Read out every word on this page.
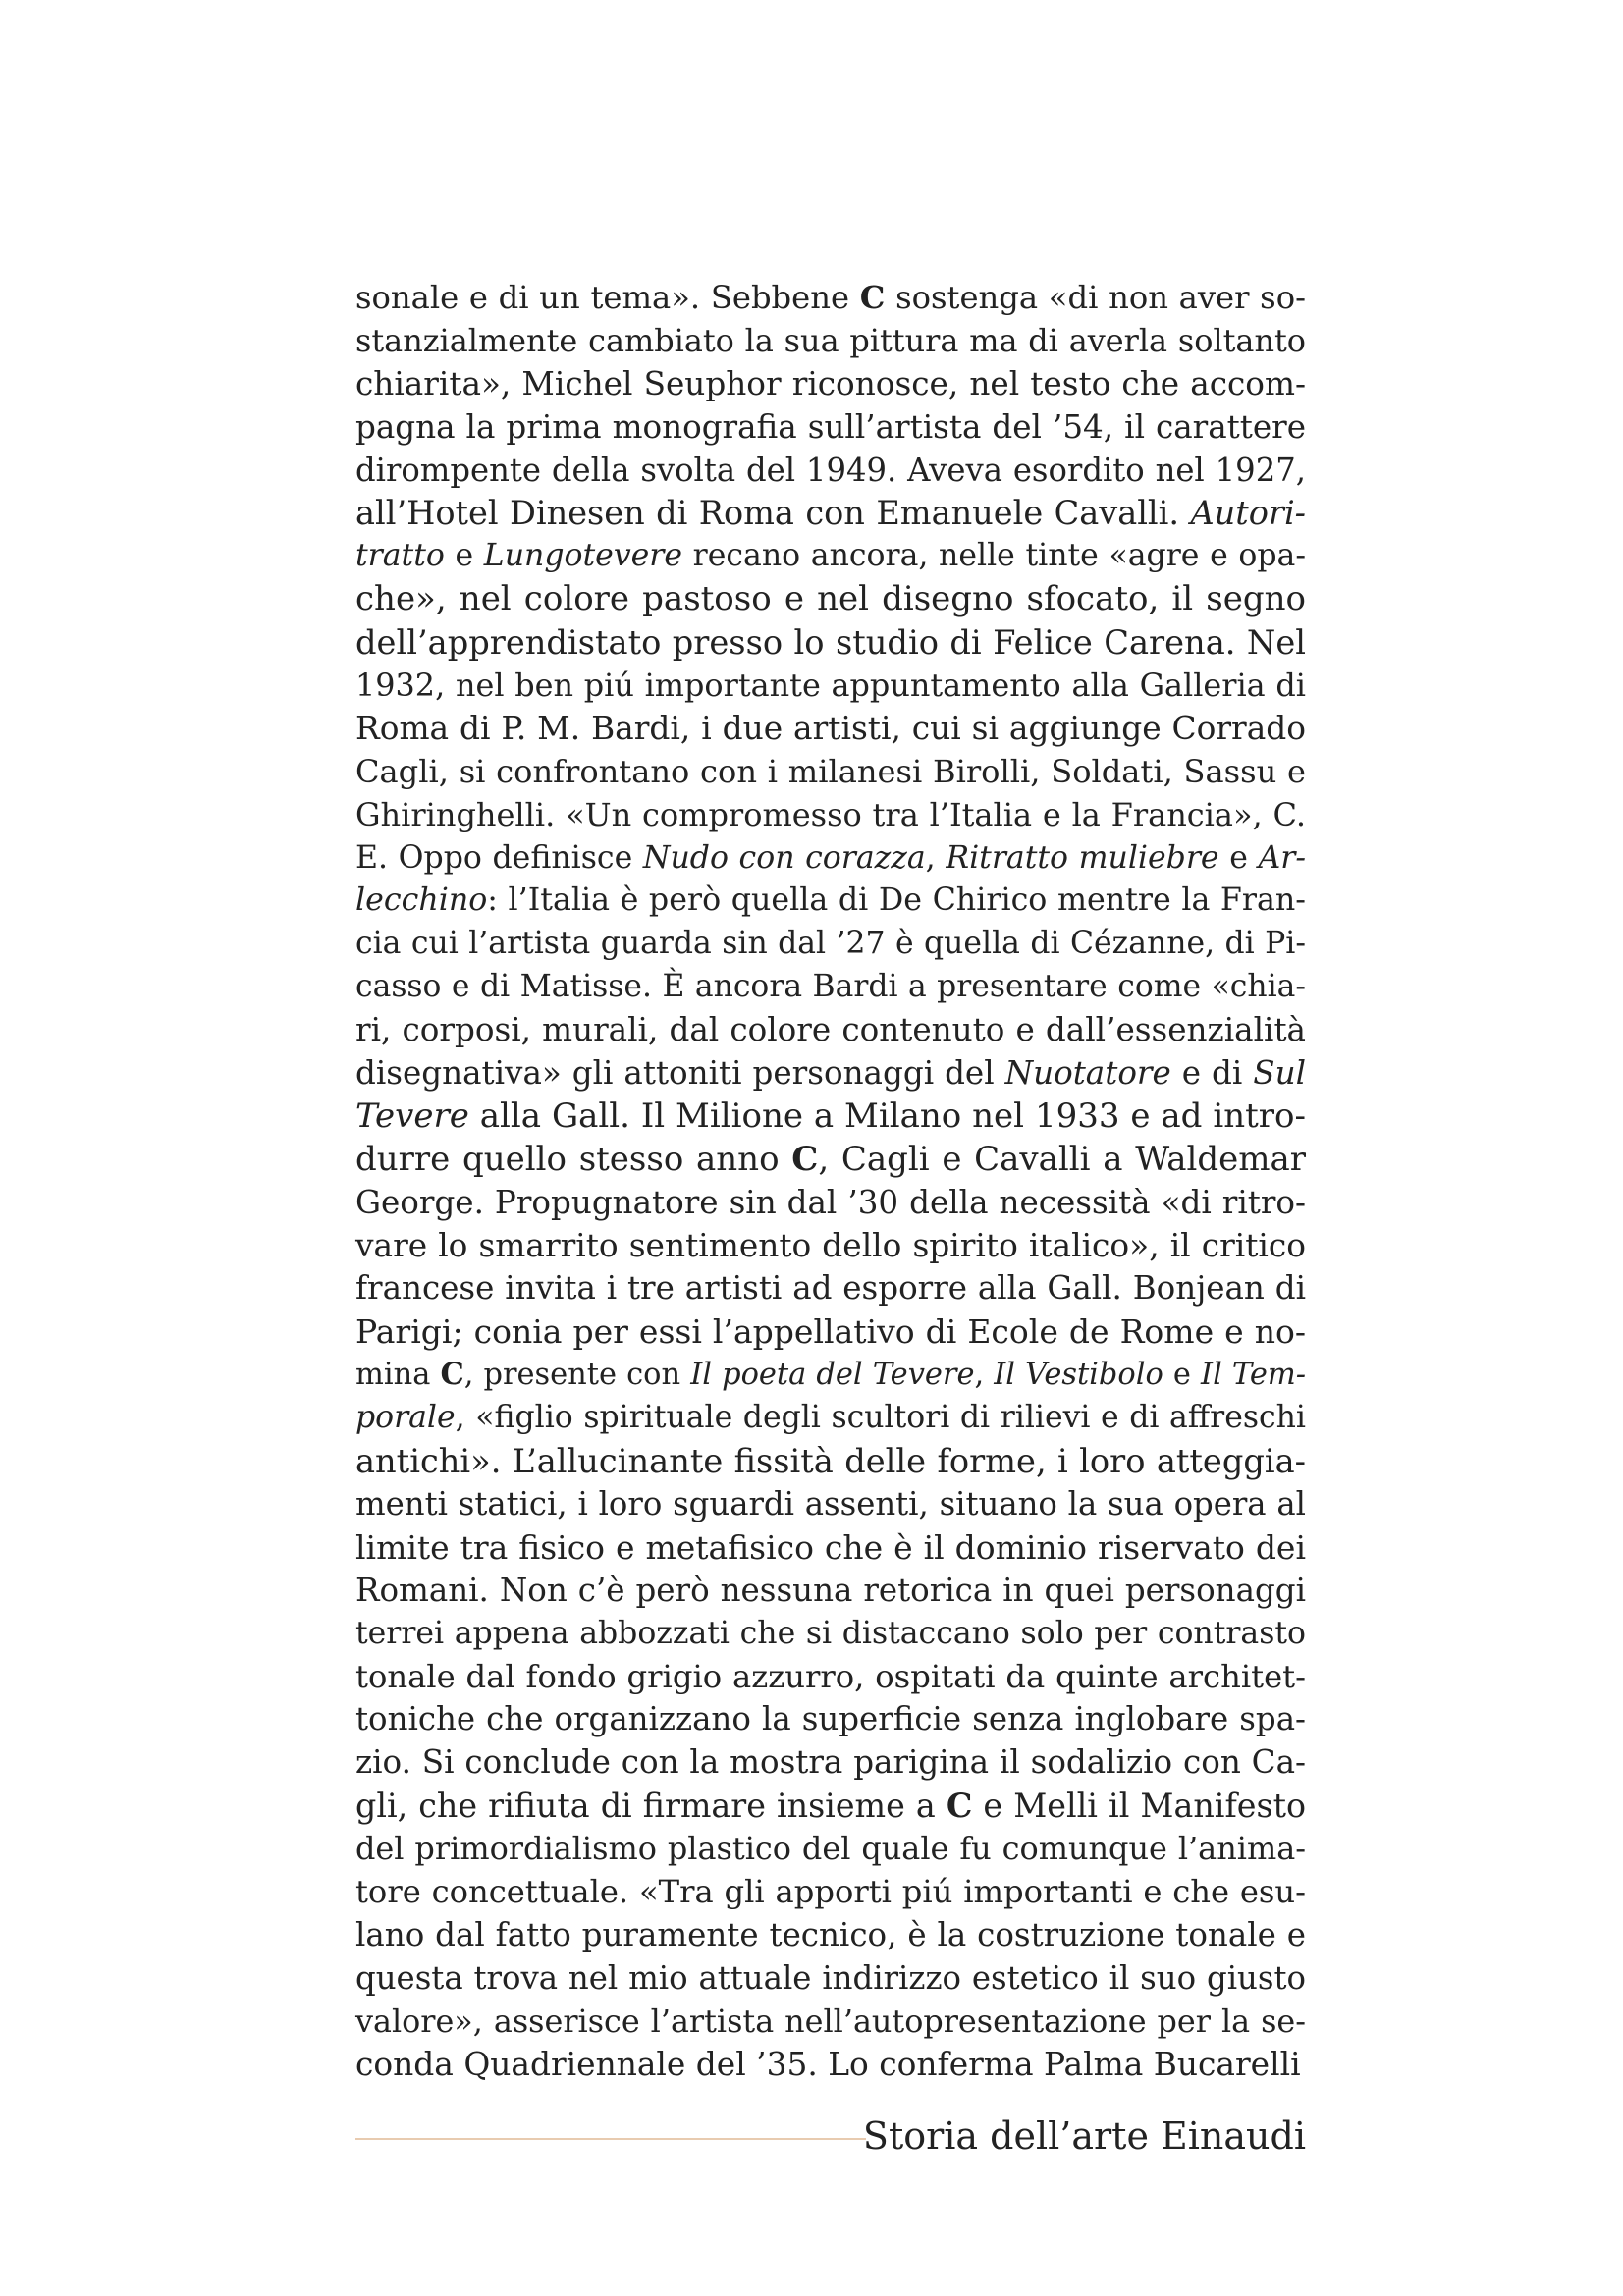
sonale e di un tema». Sebbene C sostenga «di non aver so-
stanzialmente cambiato la sua pittura ma di averla soltanto
chiarita», Michel Seuphor riconosce, nel testo che accom-
pagna la prima monografia sull’artista del ’54, il carattere
dirompente della svolta del 1949. Aveva esordito nel 1927,
all’Hotel Dinesen di Roma con Emanuele Cavalli. Autori-
tratto e Lungotevere recano ancora, nelle tinte «agre e opa-
che», nel colore pastoso e nel disegno sfocato, il segno
dell’apprendistato presso lo studio di Felice Carena. Nel
1932, nel ben piú importante appuntamento alla Galleria di
Roma di P. M. Bardi, i due artisti, cui si aggiunge Corrado
Cagli, si confrontano con i milanesi Birolli, Soldati, Sassu e
Ghiringhelli. «Un compromesso tra l’Italia e la Francia», C.
E. Oppo definisce Nudo con corazza, Ritratto muliebre e Ar-
lecchino: l’Italia è però quella di De Chirico mentre la Fran-
cia cui l’artista guarda sin dal ’27 è quella di Cézanne, di Pi-
casso e di Matisse. È ancora Bardi a presentare come «chia-
ri, corposi, murali, dal colore contenuto e dall’essenzialità
disegnativa» gli attoniti personaggi del Nuotatore e di Sul
Tevere alla Gall. Il Milione a Milano nel 1933 e ad intro-
durre quello stesso anno C, Cagli e Cavalli a Waldemar
George. Propugnatore sin dal ’30 della necessità «di ritro-
vare lo smarrito sentimento dello spirito italico», il critico
francese invita i tre artisti ad esporre alla Gall. Bonjean di
Parigi; conia per essi l’appellativo di Ecole de Rome e no-
mina C, presente con Il poeta del Tevere, Il Vestibolo e Il Tem-
porale, «figlio spirituale degli scultori di rilievi e di affreschi
antichi». L’allucinante fissità delle forme, i loro atteggia-
menti statici, i loro sguardi assenti, situano la sua opera al
limite tra fisico e metafisico che è il dominio riservato dei
Romani. Non c’è però nessuna retorica in quei personaggi
terrei appena abbozzati che si distaccano solo per contrasto
tonale dal fondo grigio azzurro, ospitati da quinte architet-
toniche che organizzano la superficie senza inglobare spa-
zio. Si conclude con la mostra parigina il sodalizio con Ca-
gli, che rifiuta di firmare insieme a C e Melli il Manifesto
del primordialismo plastico del quale fu comunque l’anima-
tore concettuale. «Tra gli apporti piú importanti e che esu-
lano dal fatto puramente tecnico, è la costruzione tonale e
questa trova nel mio attuale indirizzo estetico il suo giusto
valore», asserisce l’artista nell’autopresentazione per la se-
conda Quadriennale del ’35. Lo conferma Palma Bucarelli
Storia dell’arte Einaudi
